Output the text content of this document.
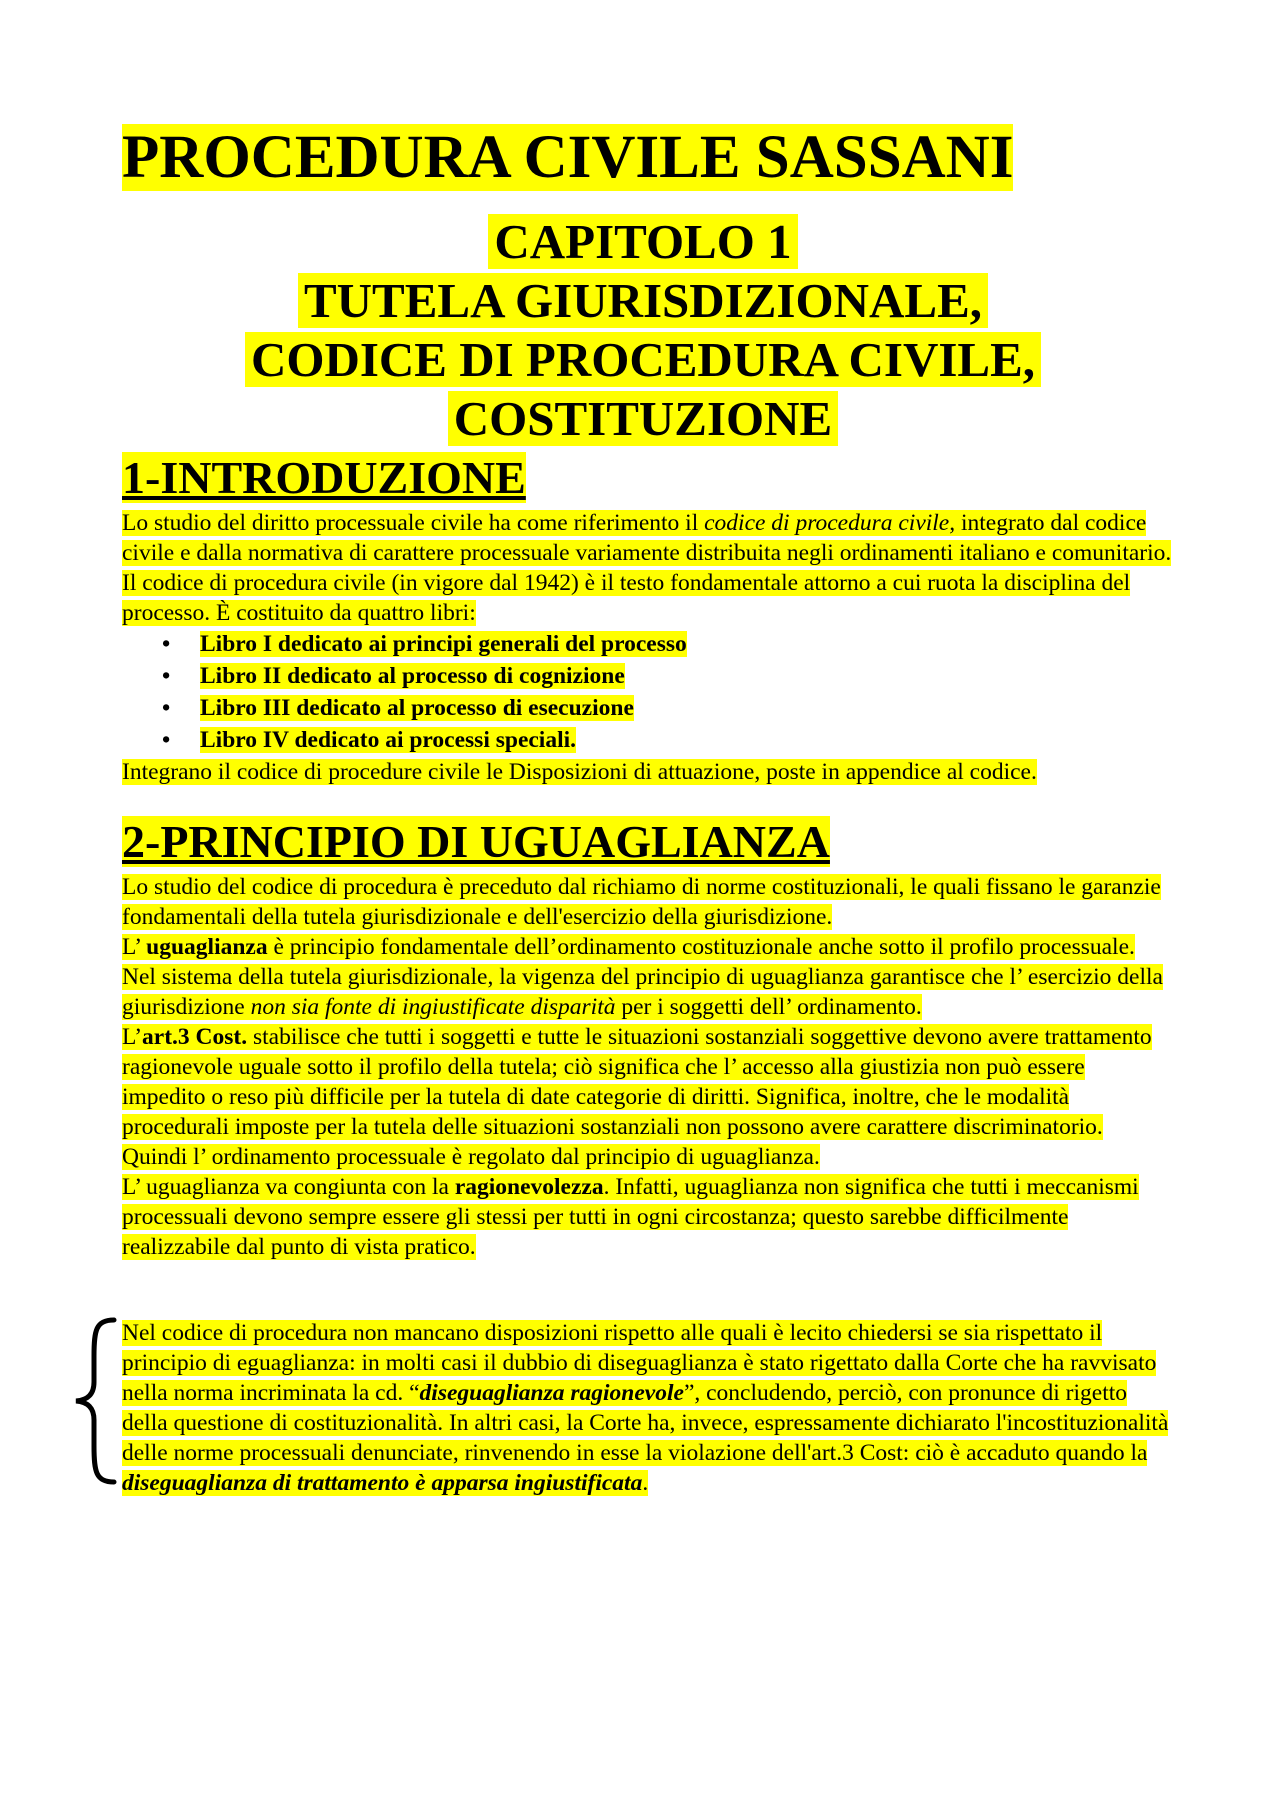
PROCEDURA CIVILE SASSANI
CAPITOLO 1
TUTELA GIURISDIZIONALE,
CODICE DI PROCEDURA CIVILE,
COSTITUZIONE
1-INTRODUZIONE

Lo studio del diritto processuale civile ha come riferimento il codice di procedura civile, integrato dal codice civile e dalla normativa di carattere processuale variamente distribuita negli ordinamenti italiano e comunitario. Il codice di procedura civile (in vigore dal 1942) è il testo fondamentale attorno a cui ruota la disciplina del processo. È costituito da quattro libri:

• Libro I dedicato ai principi generali del processo
• Libro II dedicato al processo di cognizione
• Libro III dedicato al processo di esecuzione
• Libro IV dedicato ai processi speciali.

Integrano il codice di procedure civile le Disposizioni di attuazione, poste in appendice al codice.

2-PRINCIPIO DI UGUAGLIANZA
Lo studio del codice di procedura è preceduto dal richiamo di norme costituzionali, le quali fissano le garanzie fondamentali della tutela giurisdizionale e dell'esercizio della giurisdizione.
L’ uguaglianza è principio fondamentale dell’ordinamento costituzionale anche sotto il profilo processuale. Nel sistema della tutela giurisdizionale, la vigenza del principio di uguaglianza garantisce che l’ esercizio della giurisdizione non sia fonte di ingiustificate disparità per i soggetti dell’ ordinamento.
L’art.3 Cost. stabilisce che tutti i soggetti e tutte le situazioni sostanziali soggettive devono avere trattamento ragionevole uguale sotto il profilo della tutela; ciò significa che l’ accesso alla giustizia non può essere impedito o reso più difficile per la tutela di date categorie di diritti. Significa, inoltre, che le modalità procedurali imposte per la tutela delle situazioni sostanziali non possono avere carattere discriminatorio. Quindi l’ ordinamento processuale è regolato dal principio di uguaglianza.
L’ uguaglianza va congiunta con la ragionevolezza. Infatti, uguaglianza non significa che tutti i meccanismi processuali devono sempre essere gli stessi per tutti in ogni circostanza; questo sarebbe difficilmente realizzabile dal punto di vista pratico.

Nel codice di procedura non mancano disposizioni rispetto alle quali è lecito chiedersi se sia rispettato il principio di eguaglianza: in molti casi il dubbio di diseguaglianza è stato rigettato dalla Corte che ha ravvisato nella norma incriminata la cd. “diseguaglianza ragionevole”, concludendo, perciò, con pronunce di rigetto della questione di costituzionalità. In altri casi, la Corte ha, invece, espressamente dichiarato l'incostituzionalità delle norme processuali denunciate, rinvenendo in esse la violazione dell'art.3 Cost: ciò è accaduto quando la diseguaglianza di trattamento è apparsa ingiustificata.
